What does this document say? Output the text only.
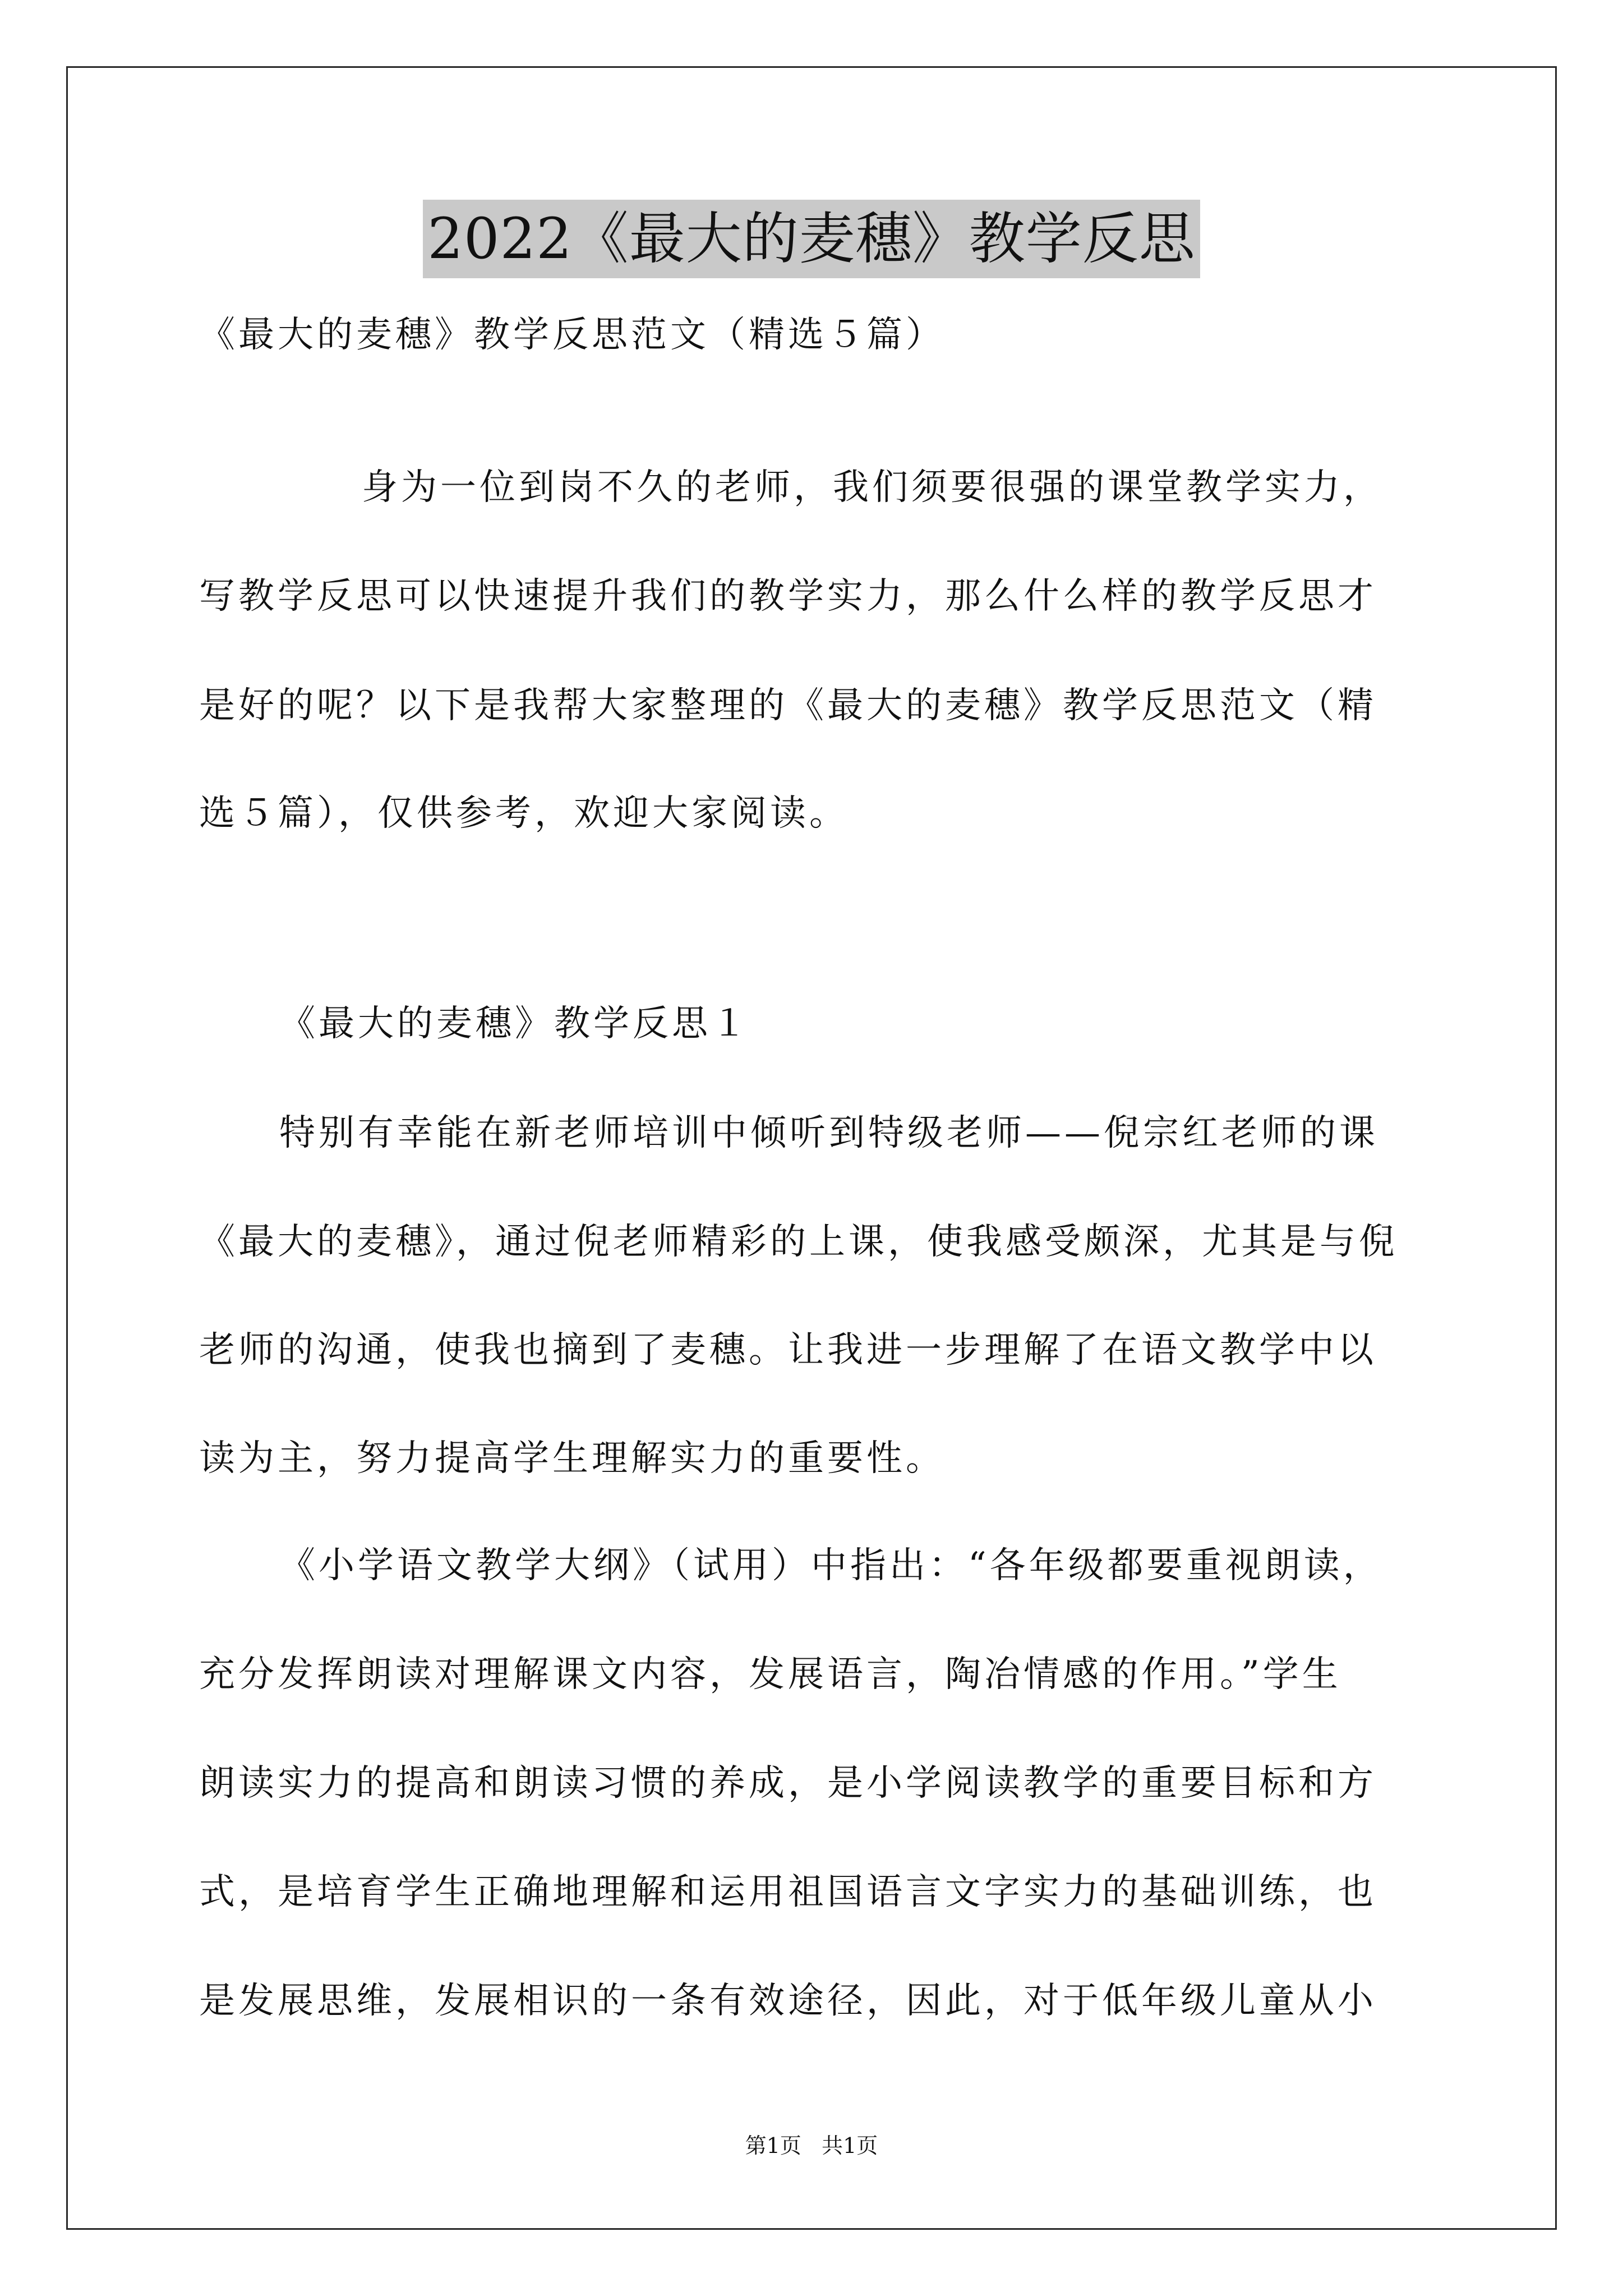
2022《最大的麦穗》教学反思
《最大的麦穗》教学反思范文（精选５篇）
身为一位到岗不久的老师，我们须要很强的课堂教学实力，
写教学反思可以快速提升我们的教学实力，那么什么样的教学反思才
是好的呢？以下是我帮大家整理的《最大的麦穗》教学反思范文（精
选５篇），仅供参考，欢迎大家阅读。
《最大的麦穗》教学反思１
特别有幸能在新老师培训中倾听到特级老师——倪宗红老师的课
《最大的麦穗》，通过倪老师精彩的上课，使我感受颇深，尤其是与倪
老师的沟通，使我也摘到了麦穗。让我进一步理解了在语文教学中以
读为主，努力提高学生理解实力的重要性。
《小学语文教学大纲》（试用）中指出：“各年级都要重视朗读，
充分发挥朗读对理解课文内容，发展语言，陶冶情感的作用。”学生
朗读实力的提高和朗读习惯的养成，是小学阅读教学的重要目标和方
式，是培育学生正确地理解和运用祖国语言文字实力的基础训练，也
是发展思维，发展相识的一条有效途径，因此，对于低年级儿童从小
第1页   共1页
